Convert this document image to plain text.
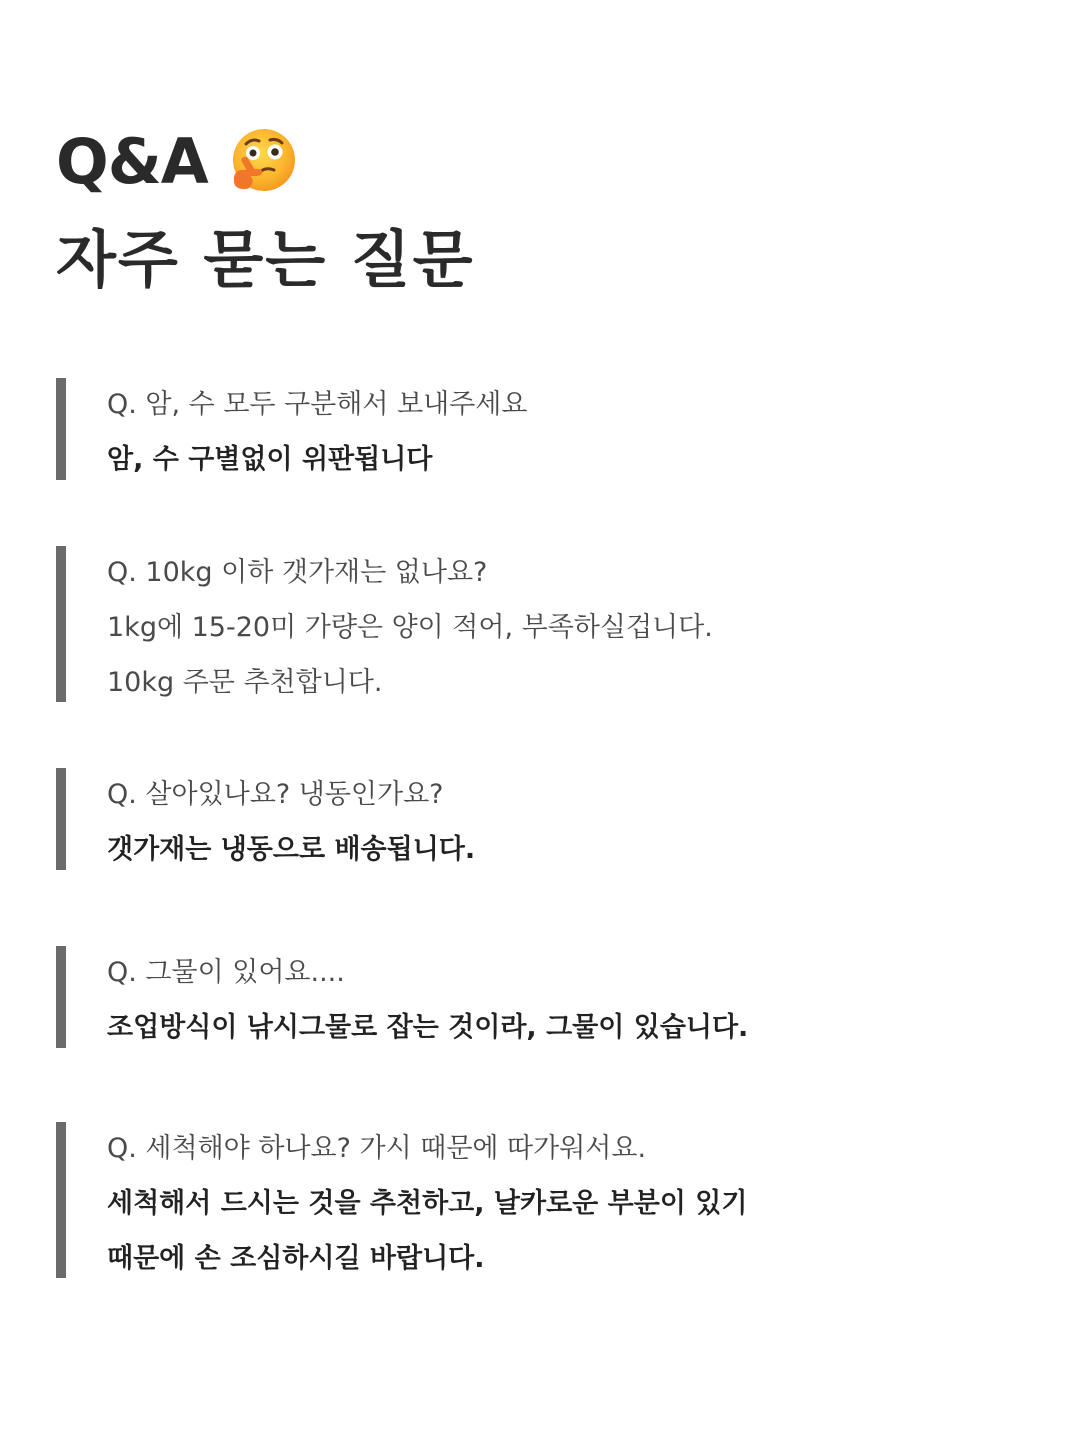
Q&A
자주 묻는 질문
Q. 암, 수 모두 구분해서 보내주세요
암, 수 구별없이 위판됩니다
Q. 10kg 이하 갯가재는 없나요?
1kg에 15-20미 가량은 양이 적어, 부족하실겁니다.
10kg 주문 추천합니다.
Q. 살아있나요? 냉동인가요?
갯가재는 냉동으로 배송됩니다.
Q. 그물이 있어요....
조업방식이 낚시그물로 잡는 것이라, 그물이 있습니다.
Q. 세척해야 하나요? 가시 때문에 따가워서요.
세척해서 드시는 것을 추천하고, 날카로운 부분이 있기
때문에 손 조심하시길 바랍니다.
